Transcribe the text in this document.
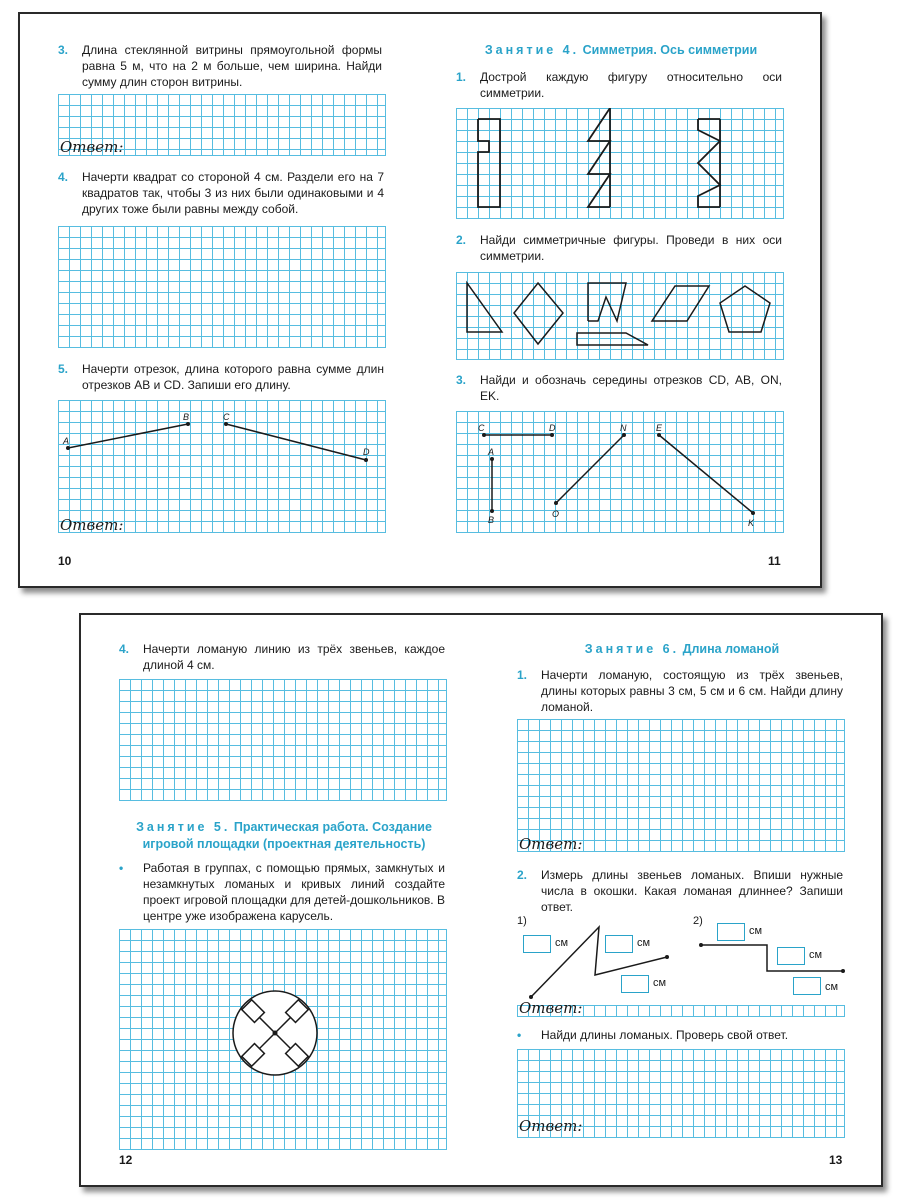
3. Длина стеклянной витрины прямоугольной формы равна 5 м, что на 2 м больше, чем ширина. Найди сумму длин сторон витрины.
Ответ:
4. Начерти квадрат со стороной 4 см. Раздели его на 7 квадратов так, чтобы 3 из них были одинаковыми и 4 других тоже были равны между собой.
5. Начерти отрезок, длина которого равна сумме длин отрезков AB и CD. Запиши его длину.
A
B	C
D
Ответ:
10
Занятие 4. Симметрия. Ось симметрии
1. Дострой каждую фигуру относительно оси симметрии.
2. Найди симметричные фигуры. Проведи в них оси симметрии.
3. Найди и обозначь середины отрезков CD, AB, ON, EK.
C	D
A
B
N
O
E
K
11
4. Начерти ломаную линию из трёх звеньев, каждое длиной 4 см.
Занятие 5. Практическая работа. Создание игровой площадки (проектная деятельность)
• Работая в группах, с помощью прямых, замкнутых и незамкнутых ломаных и кривых линий создайте проект игровой площадки для детей-дошкольников. В центре уже изображена карусель.
12
Занятие 6. Длина ломаной
1. Начерти ломаную, состоящую из трёх звеньев, длины которых равны 3 см, 5 см и 6 см. Найди длину ломаной.
Ответ:
2. Измерь длины звеньев ломаных. Впиши нужные числа в окошки. Какая ломаная длиннее? Запиши ответ.
1)	2)
см	см
см
см
см
см
Ответ:
• Найди длины ломаных. Проверь свой ответ.
Ответ:
13
